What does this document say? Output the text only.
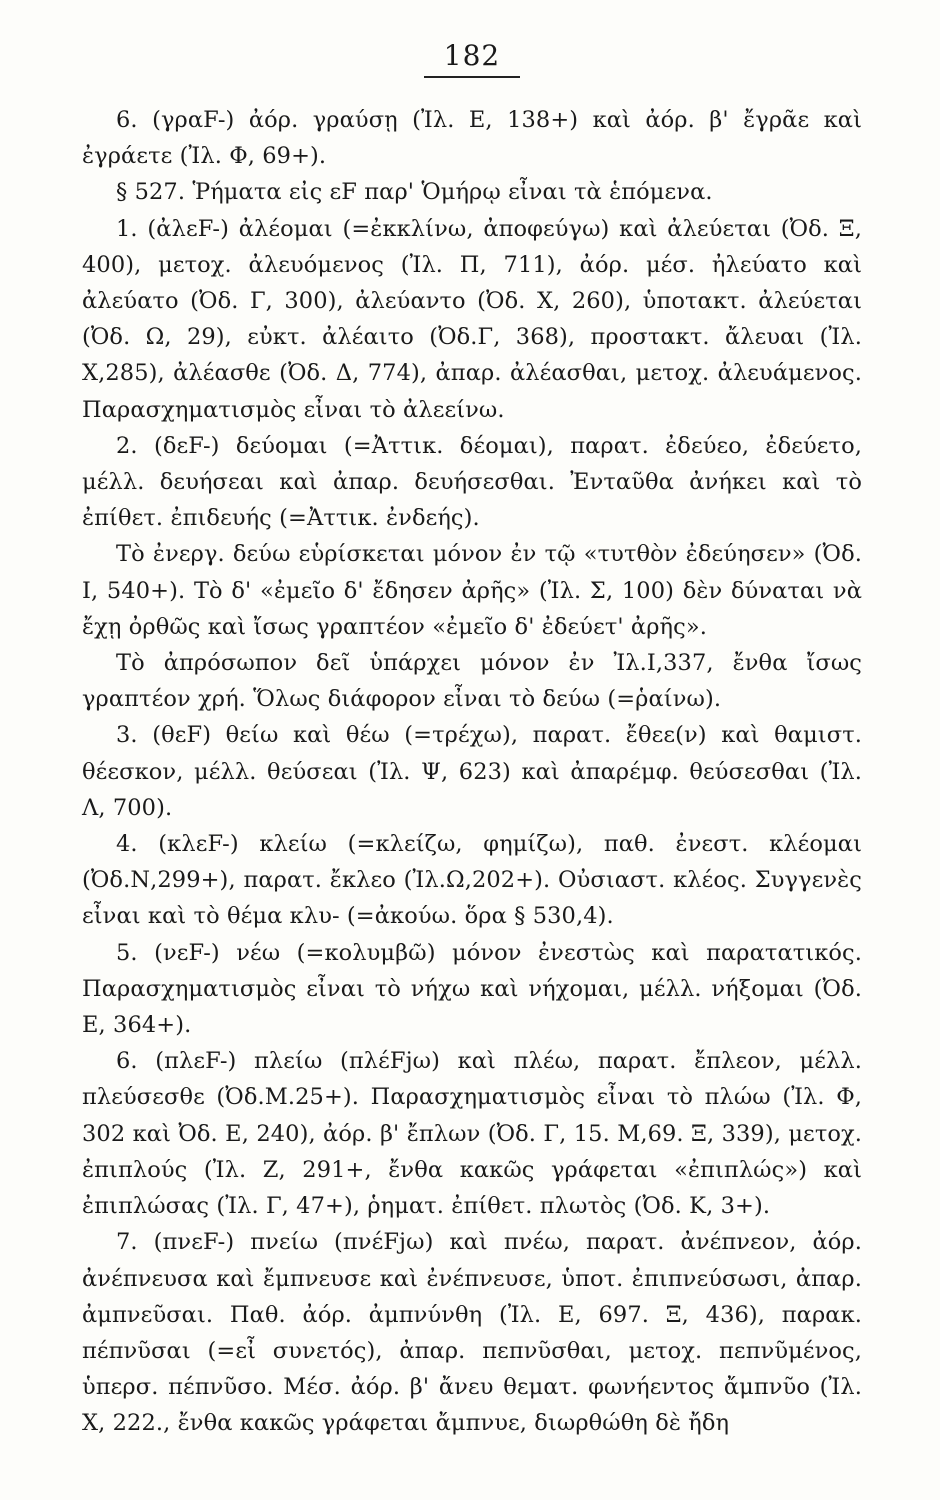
182

6. (γραF-) ἀόρ. γραύσῃ (Ἰλ. Ε, 138+) καὶ ἀόρ. β' ἔγρᾶε καὶ ἐγράετε (Ἰλ. Φ, 69+).

§ 527. Ῥήματα εἰς εF παρ' Ὁμήρῳ εἶναι τὰ ἑπόμενα.

1. (ἀλεF-) ἀλέομαι (=ἐκκλίνω, ἀποφεύγω) καὶ ἀλεύεται (Ὀδ. Ξ, 400), μετοχ. ἀλευόμενος (Ἰλ. Π, 711), ἀόρ. μέσ. ἠλεύατο καὶ ἀλεύατο (Ὀδ. Γ, 300), ἀλεύαντο (Ὀδ. Χ, 260), ὑποτακτ. ἀλεύεται (Ὀδ. Ω, 29), εὐκτ. ἀλέαιτο (Ὀδ.Γ, 368), προστακτ. ἄλευαι (Ἰλ. Χ,285), ἀλέασθε (Ὀδ. Δ, 774), ἀπαρ. ἀλέασθαι, μετοχ. ἀλευάμενος. Παρασχηματισμὸς εἶναι τὸ ἀλεείνω.

2. (δεF-) δεύομαι (=Ἀττικ. δέομαι), παρατ. ἐδεύεο, ἐδεύετο, μέλλ. δευήσεαι καὶ ἀπαρ. δευήσεσθαι. Ἐνταῦθα ἀνήκει καὶ τὸ ἐπίθετ. ἐπιδευής (=Ἀττικ. ἐνδεής).

Τὸ ἐνεργ. δεύω εὑρίσκεται μόνον ἐν τῷ «τυτθὸν ἐδεύησεν» (Ὀδ. Ι, 540+). Τὸ δ' «ἐμεῖο δ' ἔδησεν ἀρῆς» (Ἰλ. Σ, 100) δὲν δύναται νὰ ἔχῃ ὀρθῶς καὶ ἴσως γραπτέον «ἐμεῖο δ' ἐδεύετ' ἀρῆς».

Τὸ ἀπρόσωπον δεῖ ὑπάρχει μόνον ἐν Ἰλ.Ι,337, ἔνθα ἴσως γραπτέον χρή. Ὅλως διάφορον εἶναι τὸ δεύω (=ῥαίνω).

3. (θεF) θείω καὶ θέω (=τρέχω), παρατ. ἔθεε(ν) καὶ θαμιστ. θέεσκον, μέλλ. θεύσεαι (Ἰλ. Ψ, 623) καὶ ἀπαρέμφ. θεύσεσθαι (Ἰλ. Λ, 700).

4. (κλεF-) κλείω (=κλείζω, φημίζω), παθ. ἐνεστ. κλέομαι (Ὀδ.Ν,299+), παρατ. ἔκλεο (Ἰλ.Ω,202+). Οὐσιαστ. κλέος. Συγγενὲς εἶναι καὶ τὸ θέμα κλυ- (=ἀκούω. ὅρα § 530,4).

5. (νεF-) νέω (=κολυμβῶ) μόνον ἐνεστὼς καὶ παρατατικός. Παρασχηματισμὸς εἶναι τὸ νήχω καὶ νήχομαι, μέλλ. νήξομαι (Ὀδ. Ε, 364+).

6. (πλεF-) πλείω (πλέFjω) καὶ πλέω, παρατ. ἔπλεον, μέλλ. πλεύσεσθε (Ὀδ.Μ.25+). Παρασχηματισμὸς εἶναι τὸ πλώω (Ἰλ. Φ, 302 καὶ Ὀδ. Ε, 240), ἀόρ. β' ἔπλων (Ὀδ. Γ, 15. Μ,69. Ξ, 339), μετοχ. ἐπιπλούς (Ἰλ. Ζ, 291+, ἔνθα κακῶς γράφεται «ἐπιπλώς») καὶ ἐπιπλώσας (Ἰλ. Γ, 47+), ῥηματ. ἐπίθετ. πλωτὸς (Ὀδ. Κ, 3+).

7. (πνεF-) πνείω (πνέFjω) καὶ πνέω, παρατ. ἀνέπνεον, ἀόρ. ἀνέπνευσα καὶ ἔμπνευσε καὶ ἐνέπνευσε, ὑποτ. ἐπιπνεύσωσι, ἀπαρ. ἀμπνεῦσαι. Παθ. ἀόρ. ἀμπνύνθη (Ἰλ. Ε, 697. Ξ, 436), παρακ. πέπνῦσαι (=εἶ συνετός), ἀπαρ. πεπνῦσθαι, μετοχ. πεπνῦμένος, ὑπερσ. πέπνῦσο. Μέσ. ἀόρ. β' ἄνευ θεματ. φωνήεντος ἄμπνῦο (Ἰλ. Χ, 222., ἔνθα κακῶς γράφεται ἄμπνυε, διωρθώθη δὲ ἤδη
